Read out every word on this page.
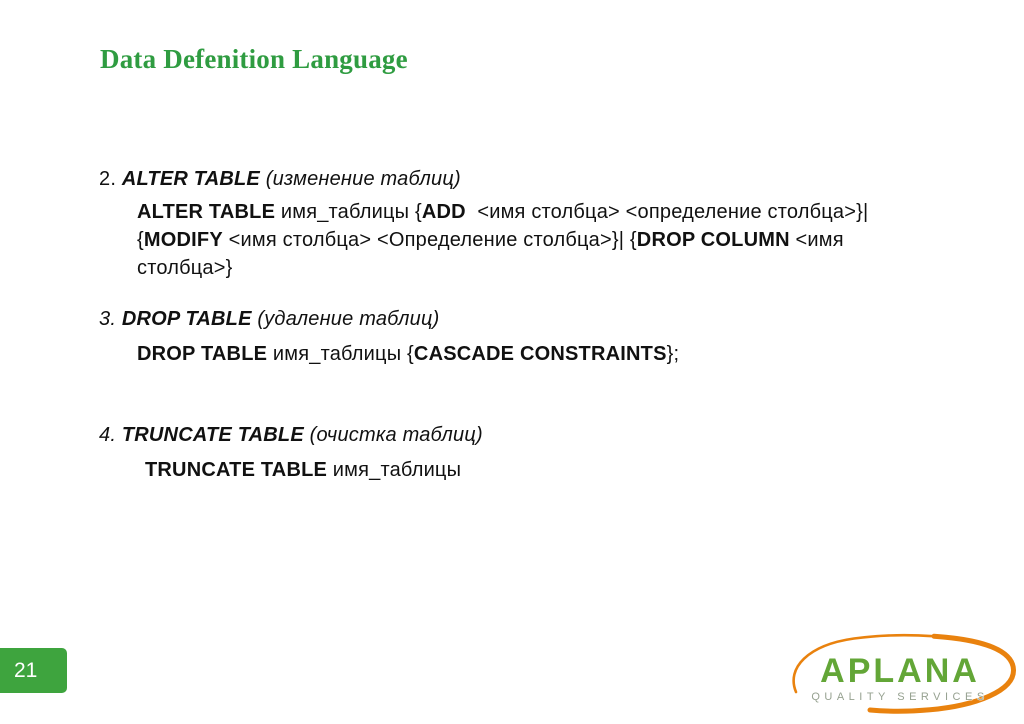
Data Defenition Language
2. ALTER TABLE (изменение таблиц)
ALTER TABLE имя_таблицы {ADD  <имя столбца> <определение столбца>}|
{MODIFY <имя столбца> <Определение столбца>}| {DROP COLUMN <имя
столбца>}
3. DROP TABLE (удаление таблиц)
DROP TABLE имя_таблицы {CASCADE CONSTRAINTS};
4. TRUNCATE TABLE (очистка таблиц)
TRUNCATE TABLE имя_таблицы
21	APLANA
QUALITY SERVICES
